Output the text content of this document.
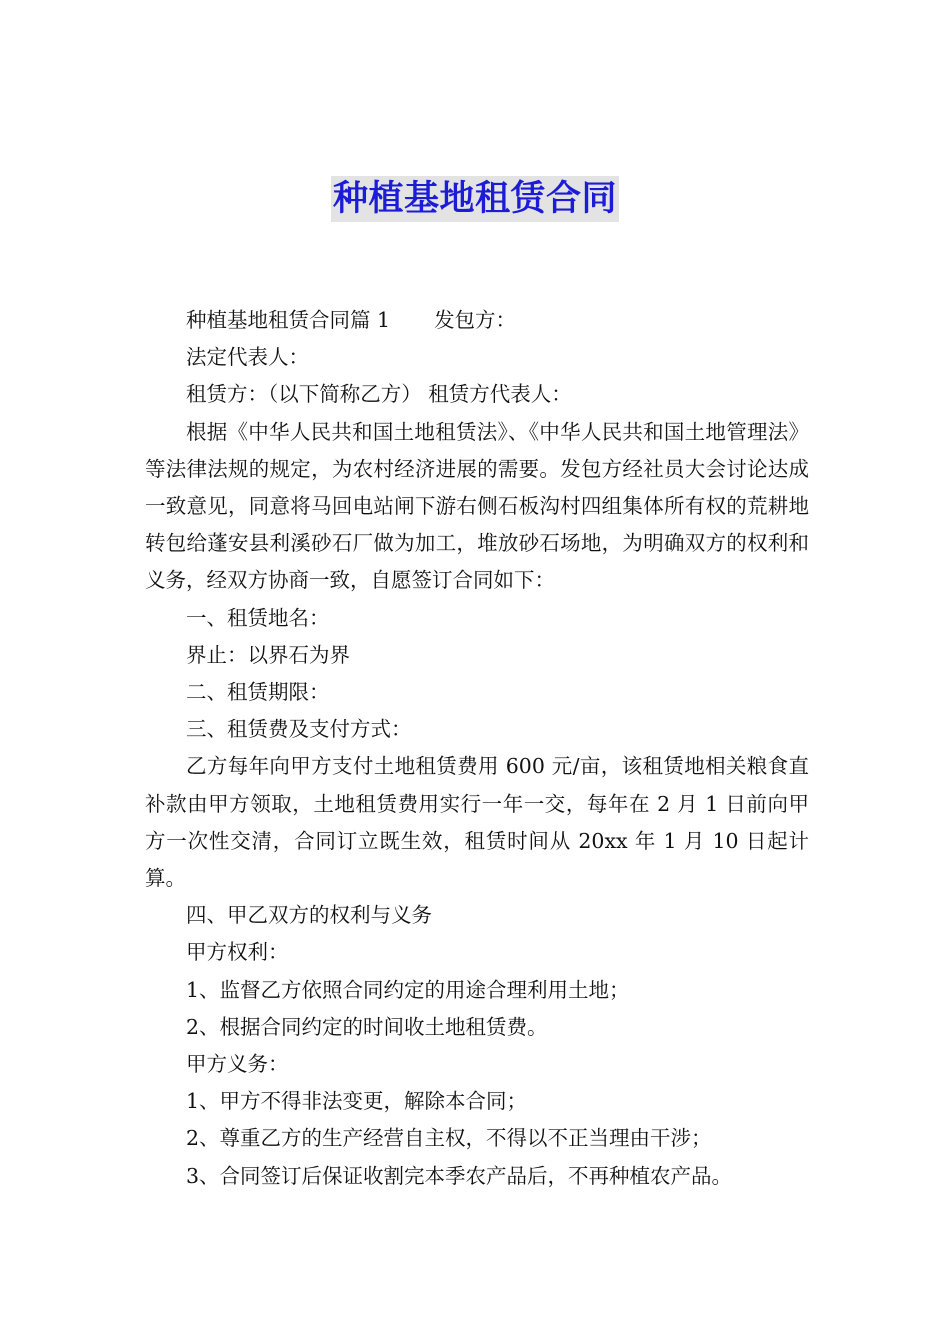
种植基地租赁合同

种植基地租赁合同篇 1 发包方：

法定代表人：

租赁方：（以下简称乙方） 租赁方代表人：

根据《中华人民共和国土地租赁法》、《中华人民共和国土地管理法》等法律法规的规定，为农村经济进展的需要。发包方经社员大会讨论达成一致意见，同意将马回电站闸下游右侧石板沟村四组集体所有权的荒耕地转包给蓬安县利溪砂石厂做为加工，堆放砂石场地，为明确双方的权利和义务，经双方协商一致，自愿签订合同如下：

一、租赁地名：

界止：以界石为界

二、租赁期限：

三、租赁费及支付方式：

乙方每年向甲方支付土地租赁费用 600 元/亩，该租赁地相关粮食直补款由甲方领取，土地租赁费用实行一年一交，每年在 2 月 1 日前向甲方一次性交清，合同订立既生效，租赁时间从 20xx 年 1 月 10 日起计算。

四、甲乙双方的权利与义务

甲方权利：

1、监督乙方依照合同约定的用途合理利用土地；

2、根据合同约定的时间收土地租赁费。

甲方义务：

1、甲方不得非法变更，解除本合同；

2、尊重乙方的生产经营自主权，不得以不正当理由干涉；

3、合同签订后保证收割完本季农产品后，不再种植农产品。
